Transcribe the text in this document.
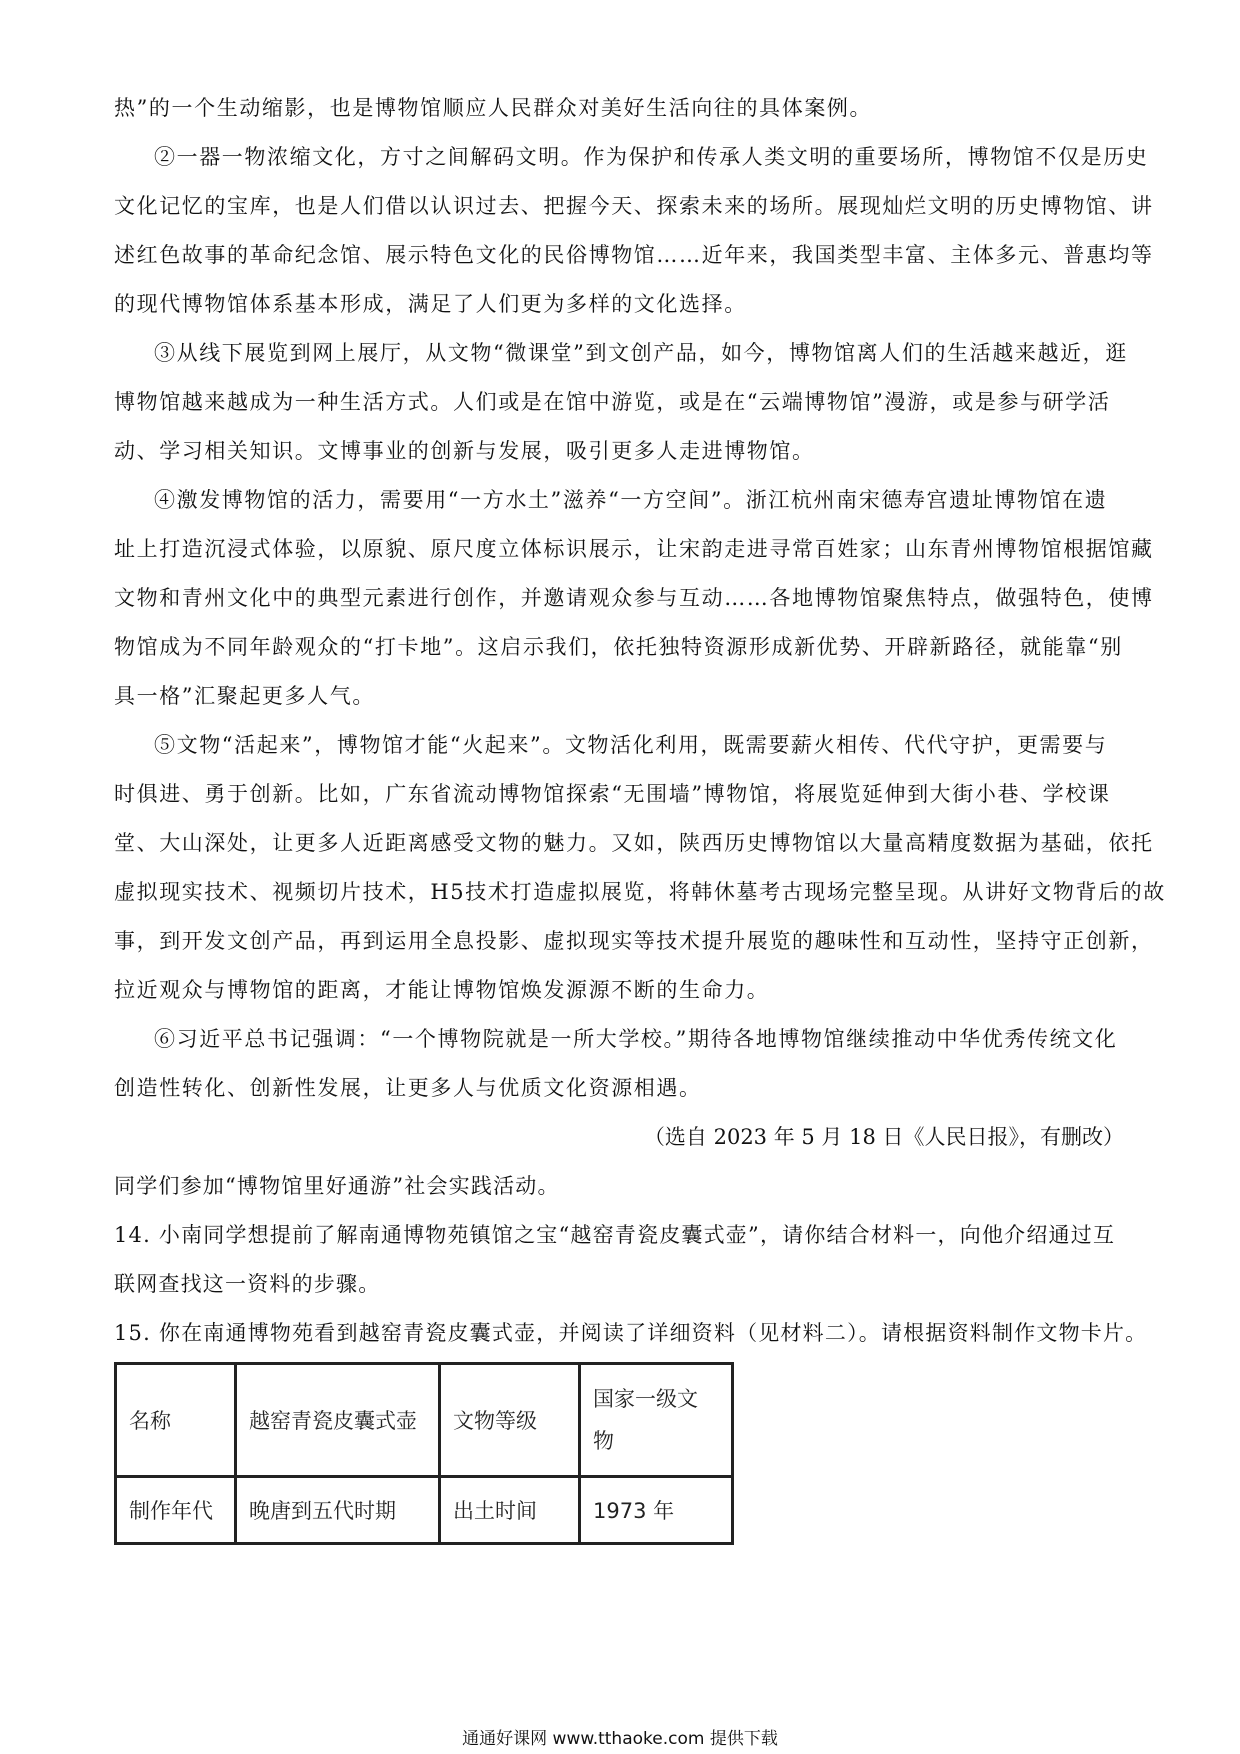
热”的一个生动缩影，也是博物馆顺应人民群众对美好生活向往的具体案例。
②一器一物浓缩文化，方寸之间解码文明。作为保护和传承人类文明的重要场所，博物馆不仅是历史
文化记忆的宝库，也是人们借以认识过去、把握今天、探索未来的场所。展现灿烂文明的历史博物馆、讲
述红色故事的革命纪念馆、展示特色文化的民俗博物馆……近年来，我国类型丰富、主体多元、普惠均等
的现代博物馆体系基本形成，满足了人们更为多样的文化选择。
③从线下展览到网上展厅，从文物“微课堂”到文创产品，如今，博物馆离人们的生活越来越近，逛
博物馆越来越成为一种生活方式。人们或是在馆中游览，或是在“云端博物馆”漫游，或是参与研学活
动、学习相关知识。文博事业的创新与发展，吸引更多人走进博物馆。
④激发博物馆的活力，需要用“一方水土”滋养“一方空间”。浙江杭州南宋德寿宫遗址博物馆在遗
址上打造沉浸式体验，以原貌、原尺度立体标识展示，让宋韵走进寻常百姓家；山东青州博物馆根据馆藏
文物和青州文化中的典型元素进行创作，并邀请观众参与互动……各地博物馆聚焦特点，做强特色，使博
物馆成为不同年龄观众的“打卡地”。这启示我们，依托独特资源形成新优势、开辟新路径，就能靠“别
具一格”汇聚起更多人气。
⑤文物“活起来”，博物馆才能“火起来”。文物活化利用，既需要薪火相传、代代守护，更需要与
时俱进、勇于创新。比如，广东省流动博物馆探索“无围墙”博物馆，将展览延伸到大街小巷、学校课
堂、大山深处，让更多人近距离感受文物的魅力。又如，陕西历史博物馆以大量高精度数据为基础，依托
虚拟现实技术、视频切片技术，H5技术打造虚拟展览，将韩休墓考古现场完整呈现。从讲好文物背后的故
事，到开发文创产品，再到运用全息投影、虚拟现实等技术提升展览的趣味性和互动性，坚持守正创新，
拉近观众与博物馆的距离，才能让博物馆焕发源源不断的生命力。
⑥习近平总书记强调：“一个博物院就是一所大学校。”期待各地博物馆继续推动中华优秀传统文化
创造性转化、创新性发展，让更多人与优质文化资源相遇。
（选自 2023 年 5 月 18 日《人民日报》，有删改）
同学们参加“博物馆里好通游”社会实践活动。
14. 小南同学想提前了解南通博物苑镇馆之宝“越窑青瓷皮囊式壶”，请你结合材料一，向他介绍通过互
联网查找这一资料的步骤。
15. 你在南通博物苑看到越窑青瓷皮囊式壶，并阅读了详细资料（见材料二）。请根据资料制作文物卡片。
名称	越窑青瓷皮囊式壶	文物等级	国家一级文
物
制作年代	晚唐到五代时期	出土时间	1973 年
通通好课网 www.tthaoke.com 提供下载
